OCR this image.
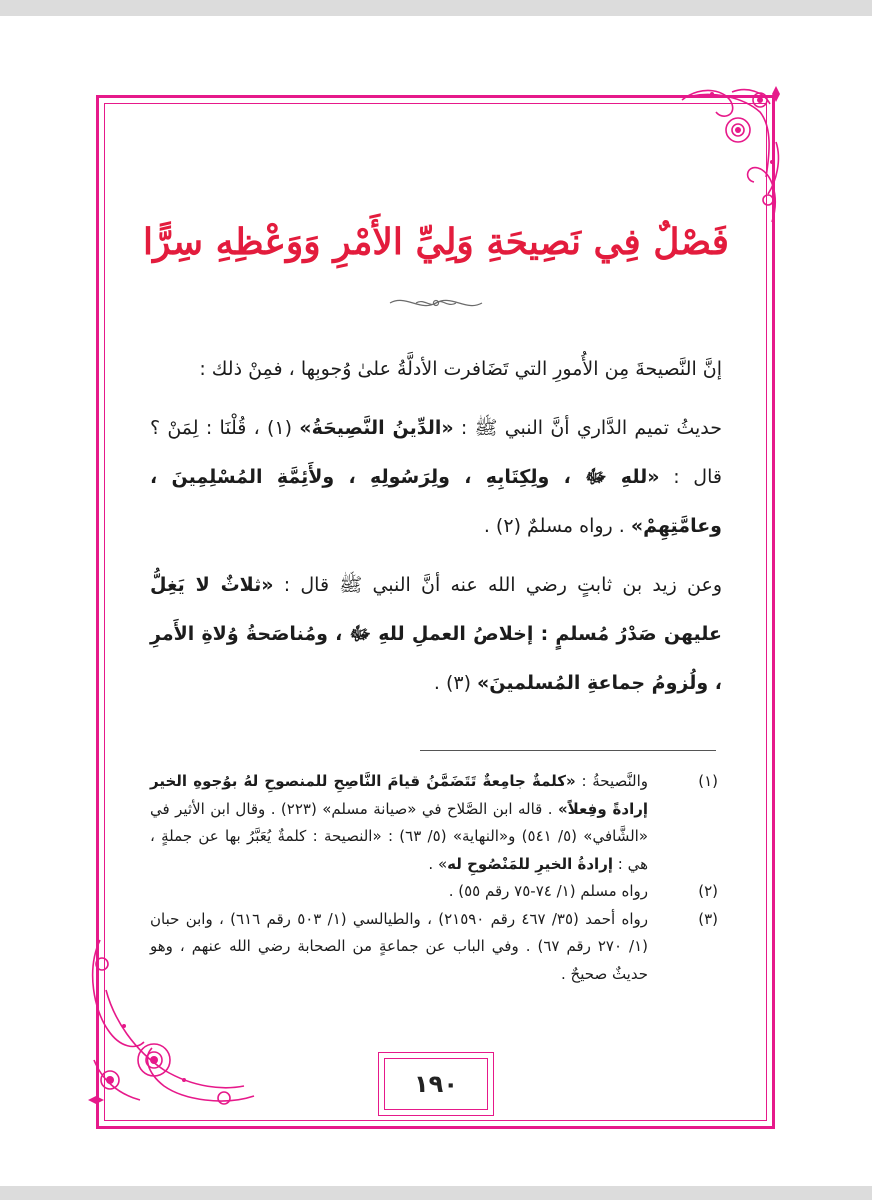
فَصْلٌ فِي نَصِيحَةِ وَلِيِّ الأَمْرِ وَوَعْظِهِ سِرًّا

إنَّ النَّصيحةَ مِن الأُمورِ التي تَضَافرت الأدلَّةُ علىٰ وُجوبِها ، فمِنْ ذلك :

حديثُ تميم الدَّاري أنَّ النبي ﷺ : «الدِّينُ النَّصِيحَةُ» (١) ، قُلْنَا : لِمَنْ ؟ قال : «للهِ ﷻ ، ولِكِتَابِهِ ، ولِرَسُولِهِ ، ولأَئِمَّةِ المُسْلِمِينَ ، وعامَّتِهِمْ» . رواه مسلمٌ (٢) .

وعن زيد بن ثابتٍ رضي الله عنه أنَّ النبي ﷺ قال : «ثلاثٌ لا يَغِلُّ عليهن صَدْرُ مُسلمٍ : إخلاصُ العملِ للهِ ﷻ ، ومُناصَحةُ وُلاةِ الأَمرِ ، ولُزومُ جماعةِ المُسلمينَ» (٣) .

(١)
والنَّصيحةُ : «كلمةٌ جامِعةٌ تَتَضَمَّنُ قيامَ النَّاصِحِ للمنصوحِ لهُ بوُجوهِ الخير إرادةً وفِعلاً» . قاله ابن الصَّلاح في «صيانة مسلم» (٢٢٣) . وقال ابن الأثير في «الشَّافي» (٥/ ٥٤١) و«النهاية» (٥/ ٦٣) : «النصيحة : كلمةٌ يُعَبَّرُ بها عن جملةٍ ، هي : إرادةُ الخيرِ للمَنْصُوحِ له» .
(٢)
رواه مسلم (١/ ٧٤-٧٥ رقم ٥٥) .
(٣)
رواه أحمد (٣٥/ ٤٦٧ رقم ٢١٥٩٠) ، والطيالسي (١/ ٥٠٣ رقم ٦١٦) ، وابن حبان (١/ ٢٧٠ رقم ٦٧) . وفي الباب عن جماعةٍ من الصحابة رضي الله عنهم ، وهو حديثٌ صحيحٌ .
١٩٠
